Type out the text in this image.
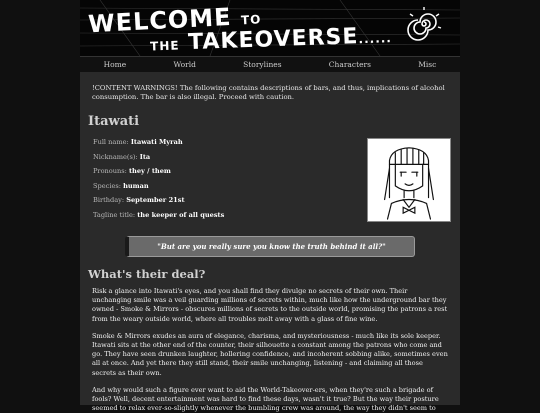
WELCOME TO
THE TAKEOVERSE......
Home	World	Storylines	Characters	Misc

!CONTENT WARNINGS! The following contains descriptions of bars, and thus, implications of alcohol consumption. The bar is also illegal. Proceed with caution.

Itawati
Full name: Itawati Myrah
Nickname(s): Ita
Pronouns: they / them
Species: human
Birthday: September 21st
Tagline title: the keeper of all quests
"But are you really sure you know the truth behind it all?"
What's their deal?

Risk a glance into Itawati's eyes, and you shall find they divulge no secrets of their own. Their unchanging smile was a veil guarding millions of secrets within, much like how the underground bar they owned - Smoke & Mirrors - obscures millions of secrets to the outside world, promising the patrons a rest from the weary outside world, where all troubles melt away with a glass of fine wine.

Smoke & Mirrors exudes an aura of elegance, charisma, and mysteriousness - much like its sole keeper. Itawati sits at the other end of the counter, their silhouette a constant among the patrons who come and go. They have seen drunken laughter, hollering confidence, and incoherent sobbing alike, sometimes even all at once. And yet there they still stand, their smile unchanging, listening - and claiming all those secrets as their own.

And why would such a figure ever want to aid the World-Takeover-ers, when they're such a brigade of fools? Well, decent entertainment was hard to find these days, wasn't it true? But the way their posture seemed to relax ever-so-slightly whenever the bumbling crew was around, the way they didn't seem to
